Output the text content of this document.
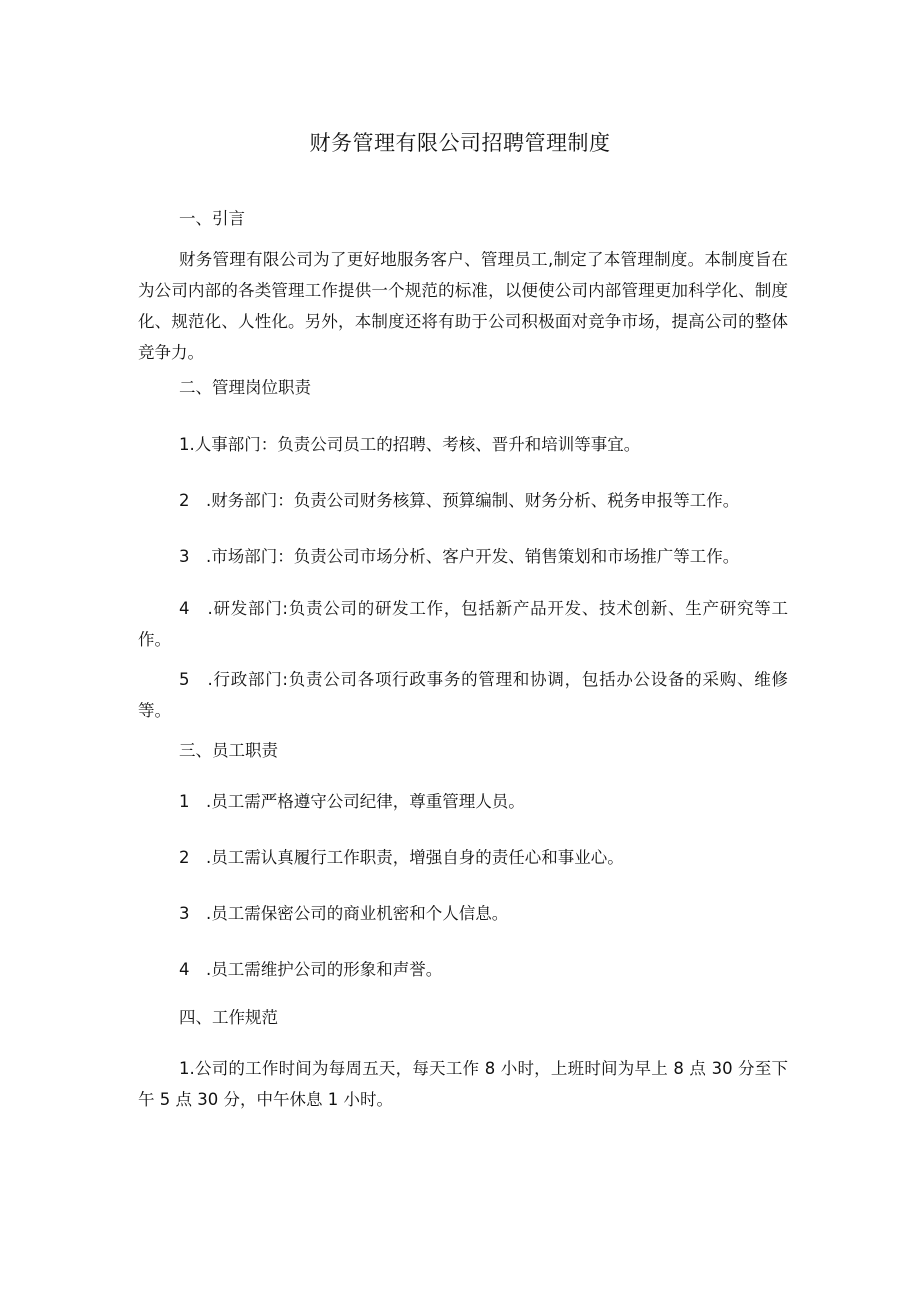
财务管理有限公司招聘管理制度
一、引言
财务管理有限公司为了更好地服务客户、管理员工,制定了本管理制度。本制度旨在为公司内部的各类管理工作提供一个规范的标准，以便使公司内部管理更加科学化、制度化、规范化、人性化。另外，本制度还将有助于公司积极面对竞争市场，提高公司的整体竞争力。
二、管理岗位职责
1.人事部门：负责公司员工的招聘、考核、晋升和培训等事宜。
2　.财务部门：负责公司财务核算、预算编制、财务分析、税务申报等工作。
3　.市场部门：负责公司市场分析、客户开发、销售策划和市场推广等工作。
4　.研发部门:负责公司的研发工作，包括新产品开发、技术创新、生产研究等工作。
5　.行政部门:负责公司各项行政事务的管理和协调，包括办公设备的采购、维修等。
三、员工职责
1　.员工需严格遵守公司纪律，尊重管理人员。
2　.员工需认真履行工作职责，增强自身的责任心和事业心。
3　.员工需保密公司的商业机密和个人信息。
4　.员工需维护公司的形象和声誉。
四、工作规范
1.公司的工作时间为每周五天，每天工作 8 小时，上班时间为早上 8 点 30 分至下午 5 点 30 分，中午休息 1 小时。
